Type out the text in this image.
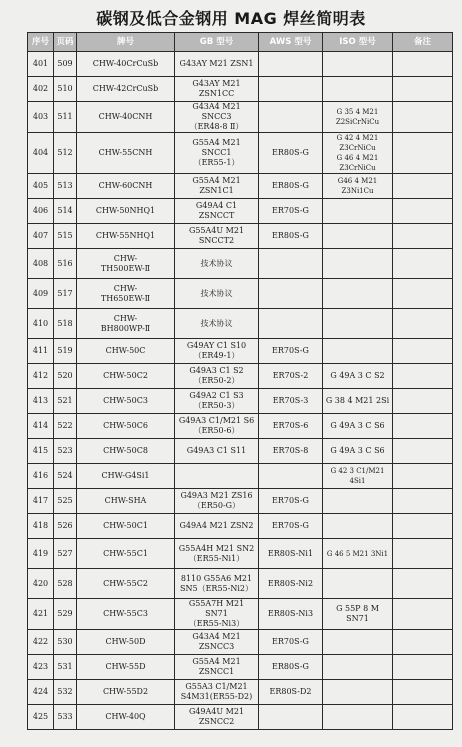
碳钢及低合金钢用 MAG 焊丝简明表
序号	页码	牌号	GB 型号	AWS 型号	ISO 型号	备注
401	509	CHW-40CrCuSb	G43AY M21 ZSN1			
402	510	CHW-42CrCuSb	G43AY M21
ZSN1CC			
403	511	CHW-40CNH	G43A4 M21 SNCC3
（ER48-8 Ⅱ）		G 35 4 M21
Z2SiCrNiCu	
404	512	CHW-55CNH	G55A4 M21 SNCC1
（ER55-1）	ER80S-G	G 42 4 M21 Z3CrNiCu
G 46 4 M21 Z3CrNiCu	
405	513	CHW-60CNH	G55A4 M21
ZSN1C1	ER80S-G	G46 4 M21
Z3Ni1Cu	
406	514	CHW-50NHQ1	G49A4 C1 ZSNCCT	ER70S-G		
407	515	CHW-55NHQ1	G55A4U M21
SNCCT2	ER80S-G		
408	516	CHW-
TH500EW-Ⅱ	技术协议			
409	517	CHW-
TH650EW-Ⅱ	技术协议			
410	518	CHW-
BH800WP-Ⅱ	技术协议			
411	519	CHW-50C	G49AY C1 S10
（ER49-1）	ER70S-G		
412	520	CHW-50C2	G49A3 C1 S2
（ER50-2）	ER70S-2	G 49A 3 C S2	
413	521	CHW-50C3	G49A2 C1 S3
（ER50-3）	ER70S-3	G 38 4 M21 2Si	
414	522	CHW-50C6	G49A3 C1/M21 S6
（ER50-6）	ER70S-6	G 49A 3 C S6	
415	523	CHW-50C8	G49A3 C1 S11	ER70S-8	G 49A 3 C S6	
416	524	CHW-G4Si1			G 42 3 C1/M21
4Si1	
417	525	CHW-SHA	G49A3 M21 ZS16
（ER50-G）	ER70S-G		
418	526	CHW-50C1	G49A4 M21 ZSN2	ER70S-G		
419	527	CHW-55C1	G55A4H M21 SN2
（ER55-Ni1）	ER80S-Ni1	G 46 5 M21 3Ni1	
420	528	CHW-55C2	8110 G55A6 M21
SN5（ER55-Ni2）	ER80S-Ni2		
421	529	CHW-55C3	G55A7H M21 SN71
（ER55-Ni3）	ER80S-Ni3	G 55P 8 M SN71	
422	530	CHW-50D	G43A4 M21
ZSNCC3	ER70S-G		
423	531	CHW-55D	G55A4 M21
ZSNCC1	ER80S-G		
424	532	CHW-55D2	G55A3 C1/M21
S4M31(ER55-D2)	ER80S-D2		
425	533	CHW-40Q	G49A4U M21
ZSNCC2			
